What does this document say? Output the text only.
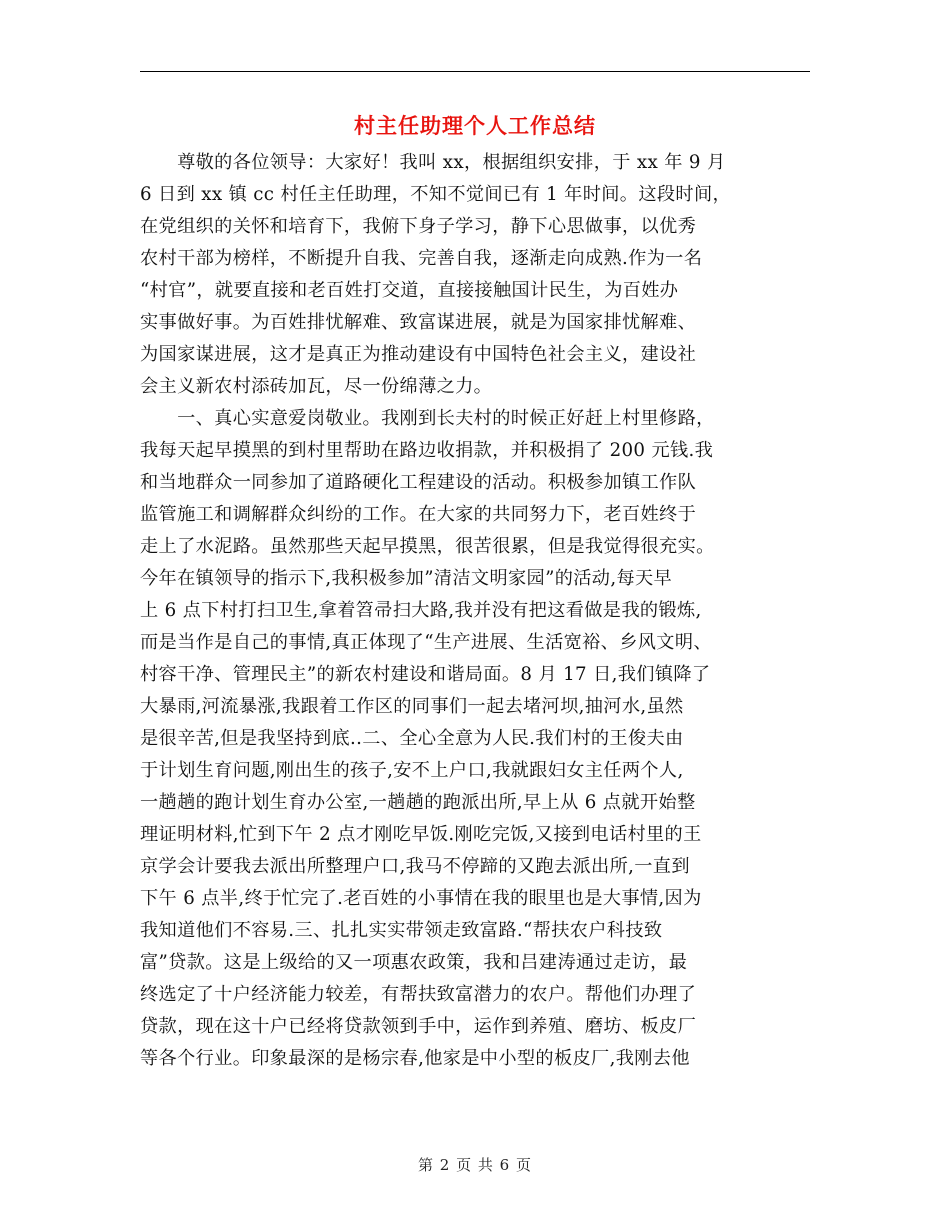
村主任助理个人工作总结
　　尊敬的各位领导：大家好！我叫 xx，根据组织安排，于 xx 年 9 月
6 日到 xx 镇 cc 村任主任助理，不知不觉间已有 1 年时间。这段时间，
在党组织的关怀和培育下，我俯下身子学习，静下心思做事，以优秀
农村干部为榜样，不断提升自我、完善自我，逐渐走向成熟.作为一名
“村官”，就要直接和老百姓打交道，直接接触国计民生，为百姓办
实事做好事。为百姓排忧解难、致富谋进展，就是为国家排忧解难、
为国家谋进展，这才是真正为推动建设有中国特色社会主义，建设社
会主义新农村添砖加瓦，尽一份绵薄之力。
　　一、真心实意爱岗敬业。我刚到长夫村的时候正好赶上村里修路，
我每天起早摸黑的到村里帮助在路边收捐款，并积极捐了 200 元钱.我
和当地群众一同参加了道路硬化工程建设的活动。积极参加镇工作队
监管施工和调解群众纠纷的工作。在大家的共同努力下，老百姓终于
走上了水泥路。虽然那些天起早摸黑，很苦很累，但是我觉得很充实。
今年在镇领导的指示下,我积极参加”清洁文明家园”的活动,每天早
上 6 点下村打扫卫生,拿着笤帚扫大路,我并没有把这看做是我的锻炼,
而是当作是自己的事情,真正体现了“生产进展、生活宽裕、乡风文明、
村容干净、管理民主”的新农村建设和谐局面。8 月 17 日,我们镇降了
大暴雨,河流暴涨,我跟着工作区的同事们一起去堵河坝,抽河水,虽然
是很辛苦,但是我坚持到底..二、全心全意为人民.我们村的王俊夫由
于计划生育问题,刚出生的孩子,安不上户口,我就跟妇女主任两个人,
一趟趟的跑计划生育办公室,一趟趟的跑派出所,早上从 6 点就开始整
理证明材料,忙到下午 2 点才刚吃早饭.刚吃完饭,又接到电话村里的王
京学会计要我去派出所整理户口,我马不停蹄的又跑去派出所,一直到
下午 6 点半,终于忙完了.老百姓的小事情在我的眼里也是大事情,因为
我知道他们不容易.三、扎扎实实带领走致富路.“帮扶农户科技致
富”贷款。这是上级给的又一项惠农政策，我和吕建涛通过走访，最
终选定了十户经济能力较差，有帮扶致富潜力的农户。帮他们办理了
贷款，现在这十户已经将贷款领到手中，运作到养殖、磨坊、板皮厂
等各个行业。印象最深的是杨宗春,他家是中小型的板皮厂,我刚去他
第 2 页 共 6 页
